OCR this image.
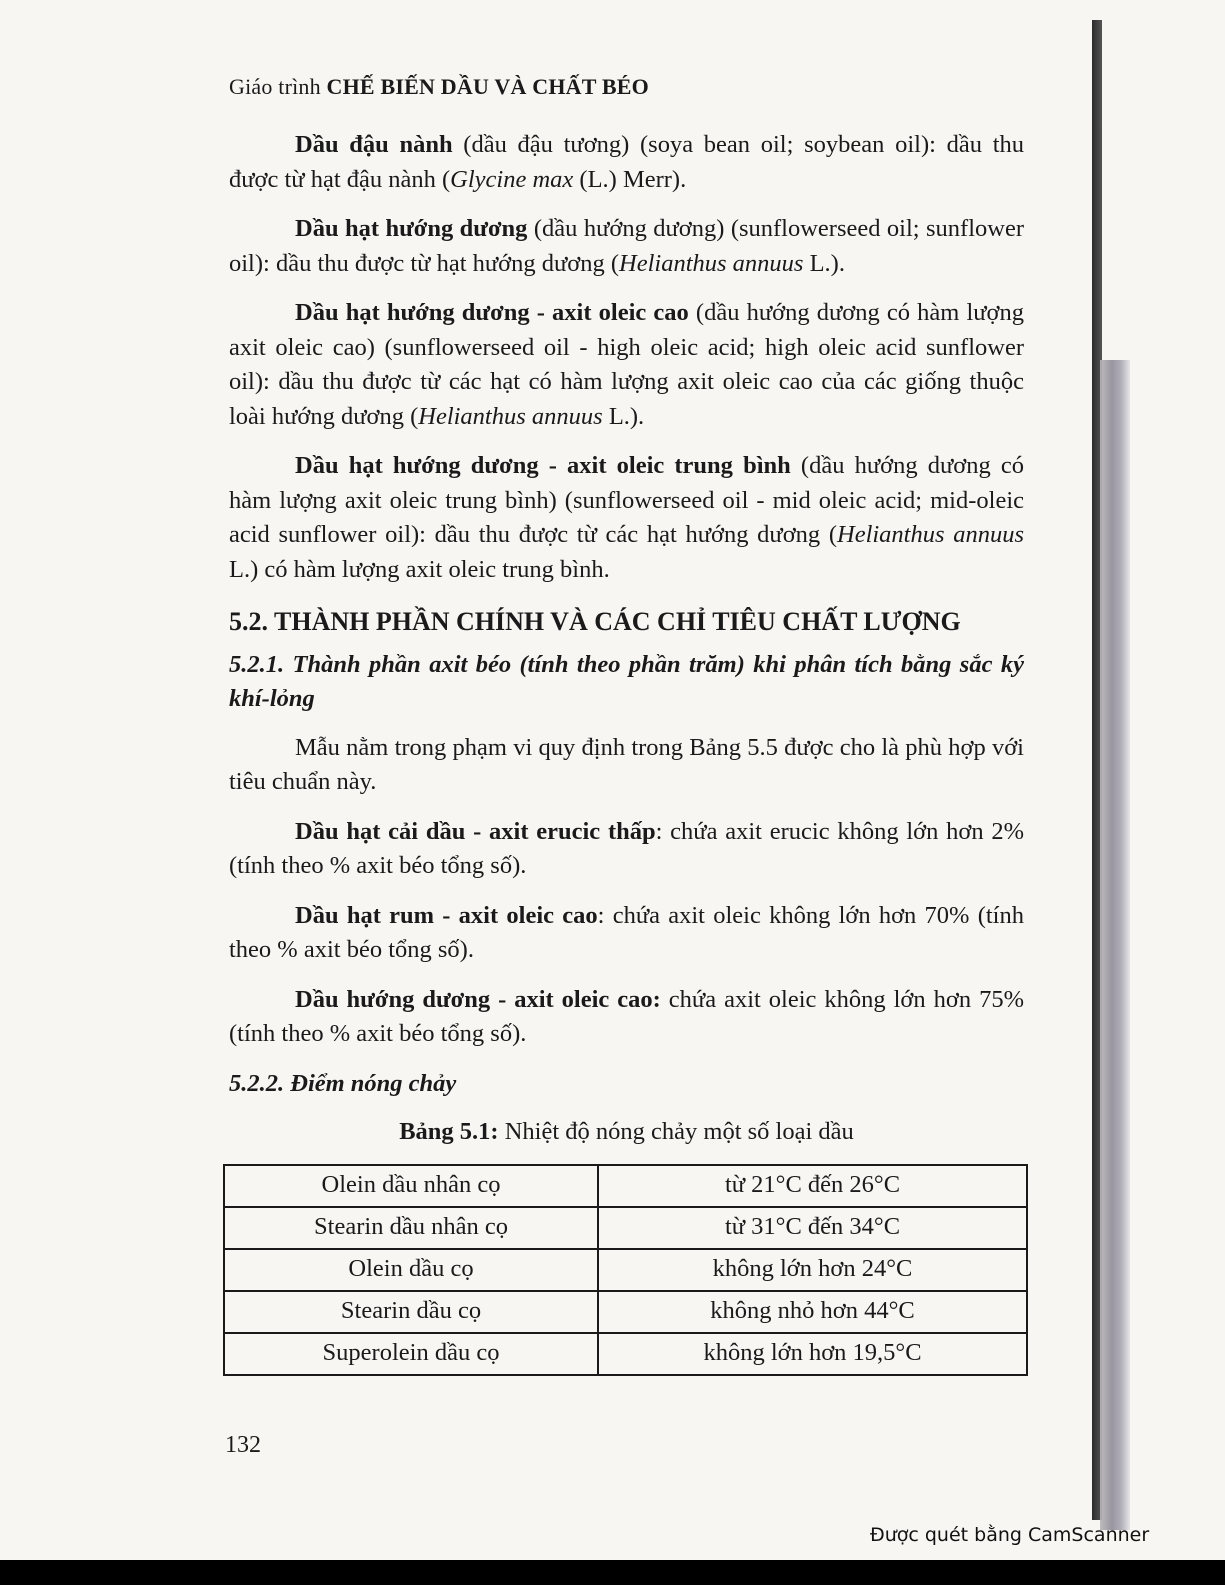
Giáo trình CHẾ BIẾN DẦU VÀ CHẤT BÉO

Dầu đậu nành (dầu đậu tương) (soya bean oil; soybean oil): dầu thu được từ hạt đậu nành (Glycine max (L.) Merr).

Dầu hạt hướng dương (dầu hướng dương) (sunflowerseed oil; sunflower oil): dầu thu được từ hạt hướng dương (Helianthus annuus L.).

Dầu hạt hướng dương - axit oleic cao (dầu hướng dương có hàm lượng axit oleic cao) (sunflowerseed oil - high oleic acid; high oleic acid sunflower oil): dầu thu được từ các hạt có hàm lượng axit oleic cao của các giống thuộc loài hướng dương (Helianthus annuus L.).

Dầu hạt hướng dương - axit oleic trung bình (dầu hướng dương có hàm lượng axit oleic trung bình) (sunflowerseed oil - mid oleic acid; mid-oleic acid sunflower oil): dầu thu được từ các hạt hướng dương (Helianthus annuus L.) có hàm lượng axit oleic trung bình.

5.2. THÀNH PHẦN CHÍNH VÀ CÁC CHỈ TIÊU CHẤT LƯỢNG

5.2.1. Thành phần axit béo (tính theo phần trăm) khi phân tích bằng sắc ký khí-lỏng

Mẫu nằm trong phạm vi quy định trong Bảng 5.5 được cho là phù hợp với tiêu chuẩn này.

Dầu hạt cải dầu - axit erucic thấp: chứa axit erucic không lớn hơn 2% (tính theo % axit béo tổng số).

Dầu hạt rum - axit oleic cao: chứa axit oleic không lớn hơn 70% (tính theo % axit béo tổng số).

Dầu hướng dương - axit oleic cao: chứa axit oleic không lớn hơn 75% (tính theo % axit béo tổng số).

5.2.2. Điểm nóng chảy

Bảng 5.1: Nhiệt độ nóng chảy một số loại dầu

Olein dầu nhân cọ	từ 21°C đến 26°C
Stearin dầu nhân cọ	từ 31°C đến 34°C
Olein dầu cọ	không lớn hơn 24°C
Stearin dầu cọ	không nhỏ hơn 44°C
Superolein dầu cọ	không lớn hơn 19,5°C
132
Được quét bằng CamScanner
